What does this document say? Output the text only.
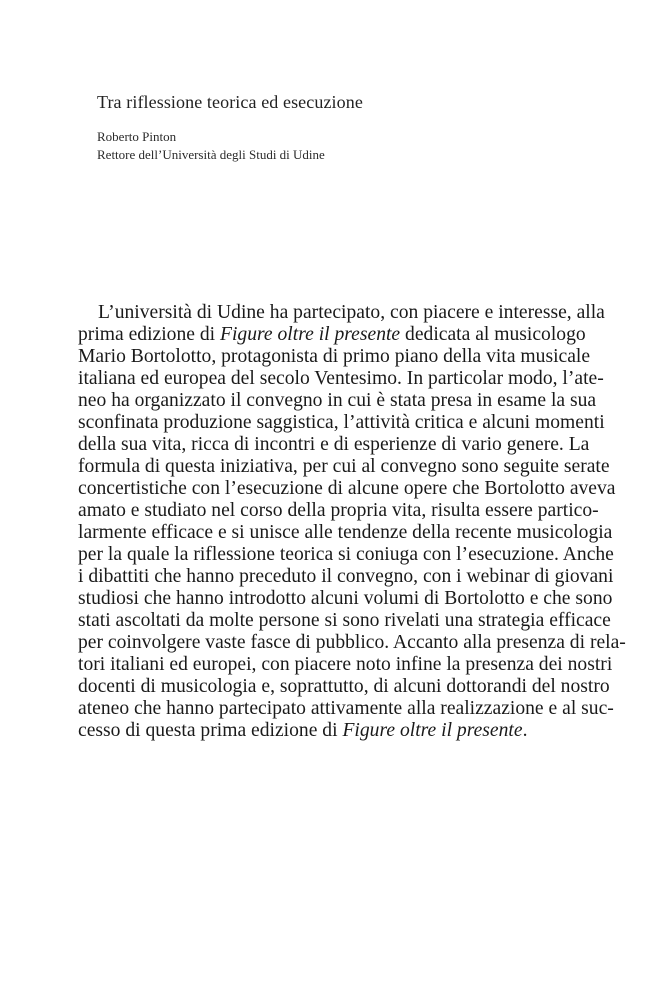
Tra riflessione teorica ed esecuzione
Roberto Pinton
Rettore dell’Università degli Studi di Udine
L’università di Udine ha partecipato, con piacere e interesse, alla
prima edizione di Figure oltre il presente dedicata al musicologo
Mario Bortolotto, protagonista di primo piano della vita musicale
italiana ed europea del secolo Ventesimo. In particolar modo, l’ate-
neo ha organizzato il convegno in cui è stata presa in esame la sua
sconfinata produzione saggistica, l’attività critica e alcuni momenti
della sua vita, ricca di incontri e di esperienze di vario genere. La
formula di questa iniziativa, per cui al convegno sono seguite serate
concertistiche con l’esecuzione di alcune opere che Bortolotto aveva
amato e studiato nel corso della propria vita, risulta essere partico-
larmente efficace e si unisce alle tendenze della recente musicologia
per la quale la riflessione teorica si coniuga con l’esecuzione. Anche
i dibattiti che hanno preceduto il convegno, con i webinar di giovani
studiosi che hanno introdotto alcuni volumi di Bortolotto e che sono
stati ascoltati da molte persone si sono rivelati una strategia efficace
per coinvolgere vaste fasce di pubblico. Accanto alla presenza di rela-
tori italiani ed europei, con piacere noto infine la presenza dei nostri
docenti di musicologia e, soprattutto, di alcuni dottorandi del nostro
ateneo che hanno partecipato attivamente alla realizzazione e al suc-
cesso di questa prima edizione di Figure oltre il presente.
